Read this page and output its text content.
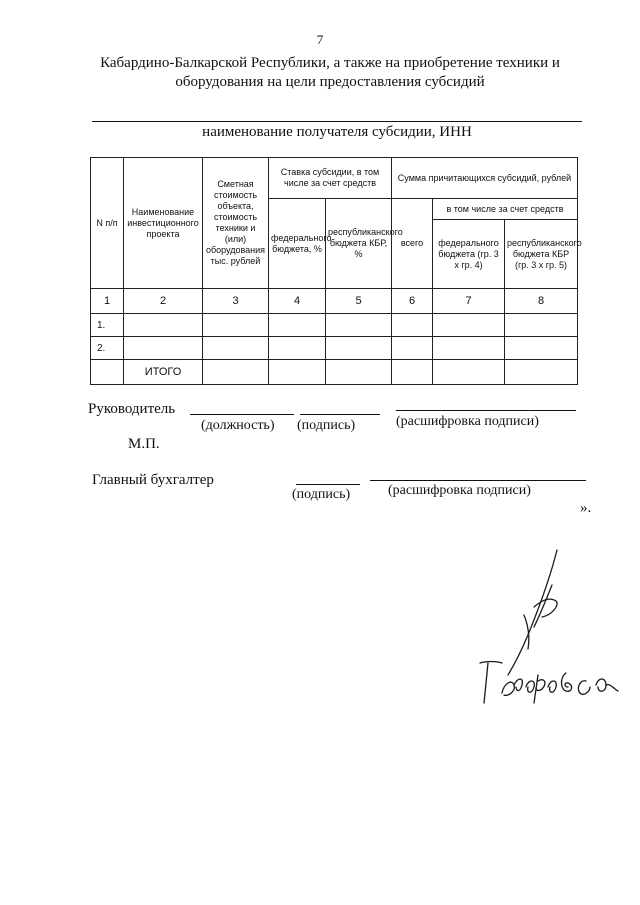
7
Кабардино-Балкарской Республики, а также на приобретение техники и
оборудования на цели предоставления субсидий
наименование получателя субсидии, ИНН
N п/п	Наименование инвестиционного проекта	Сметная стоимость объекта, стоимость техники и (или) оборудования тыс. рублей	Ставка субсидии, в том числе за счет средств		Сумма причитающихся субсидий, рублей		
			федерального бюджета, %	республиканского бюджета КБР, %	всего	в том числе за счет средств	
						федерального бюджета (гр. 3 x гр. 4)	республиканского бюджета КБР (гр. 3 x гр. 5)
1	2	3	4	5	6	7	8
1.							
2.							
	ИТОГО						
Руководитель
(должность) (подпись)	(расшифровка подписи)
М.П.
Главный бухгалтер
(подпись)	(расшифровка подписи)
».
